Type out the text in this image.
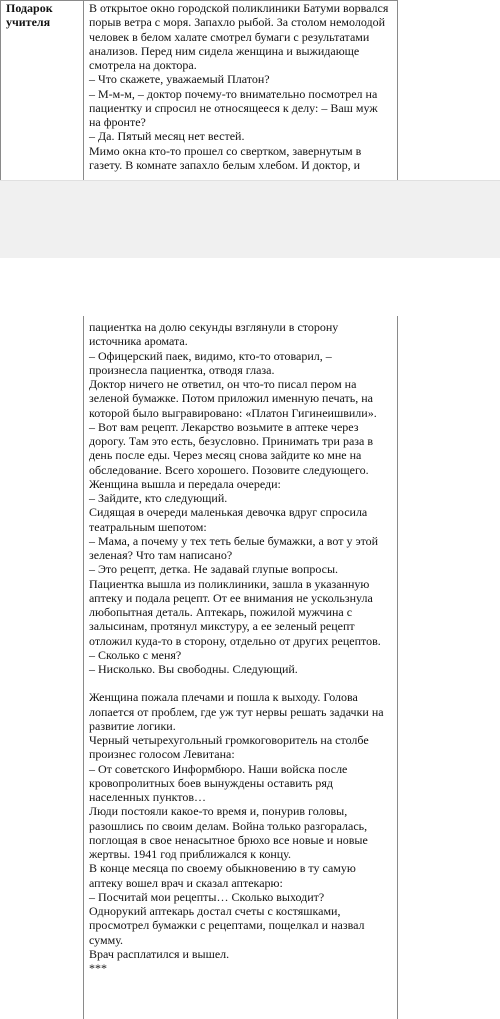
Подарок учителя

В открытое окно городской поликлиники Батуми ворвался порыв ветра с моря. Запахло рыбой. За столом немолодой человек в белом халате смотрел бумаги с результатами анализов. Перед ним сидела женщина и выжидающе смотрела на доктора.

– Что скажете, уважаемый Платон?

– М-м-м, – доктор почему-то внимательно посмотрел на пациентку и спросил не относящееся к делу: – Ваш муж на фронте?

– Да. Пятый месяц нет вестей.

Мимо окна кто-то прошел со свертком, завернутым в газету. В комнате запахло белым хлебом. И доктор, и

пациентка на долю секунды взглянули в сторону источника аромата.

– Офицерский паек, видимо, кто-то отоварил, – произнесла пациентка, отводя глаза.

Доктор ничего не ответил, он что-то писал пером на зеленой бумажке. Потом приложил именную печать, на которой было выгравировано: «Платон Гигинеишвили».

– Вот вам рецепт. Лекарство возьмите в аптеке через дорогу. Там это есть, безусловно. Принимать три раза в день после еды. Через месяц снова зайдите ко мне на обследование. Всего хорошего. Позовите следующего.

Женщина вышла и передала очереди:

– Зайдите, кто следующий.

Сидящая в очереди маленькая девочка вдруг спросила театральным шепотом:

– Мама, а почему у тех теть белые бумажки, а вот у этой зеленая? Что там написано?

– Это рецепт, детка. Не задавай глупые вопросы.

Пациентка вышла из поликлиники, зашла в указанную аптеку и подала рецепт. От ее внимания не ускользнула любопытная деталь. Аптекарь, пожилой мужчина с залысинам, протянул микстуру, а ее зеленый рецепт отложил куда-то в сторону, отдельно от других рецептов.

– Сколько с меня?

– Нисколько. Вы свободны. Следующий.

Женщина пожала плечами и пошла к выходу. Голова лопается от проблем, где уж тут нервы решать задачки на развитие логики.

Черный четырехугольный громкоговоритель на столбе произнес голосом Левитана:

– От советского Информбюро. Наши войска после кровопролитных боев вынуждены оставить ряд населенных пунктов…

Люди постояли какое-то время и, понурив головы, разошлись по своим делам. Война только разгоралась, поглощая в свое ненасытное брюхо все новые и новые жертвы. 1941 год приближался к концу.

В конце месяца по своему обыкновению в ту самую аптеку вошел врач и сказал аптекарю:

– Посчитай мои рецепты… Сколько выходит?

Однорукий аптекарь достал счеты с костяшками, просмотрел бумажки с рецептами, пощелкал и назвал сумму.

Врач расплатился и вышел.

***
